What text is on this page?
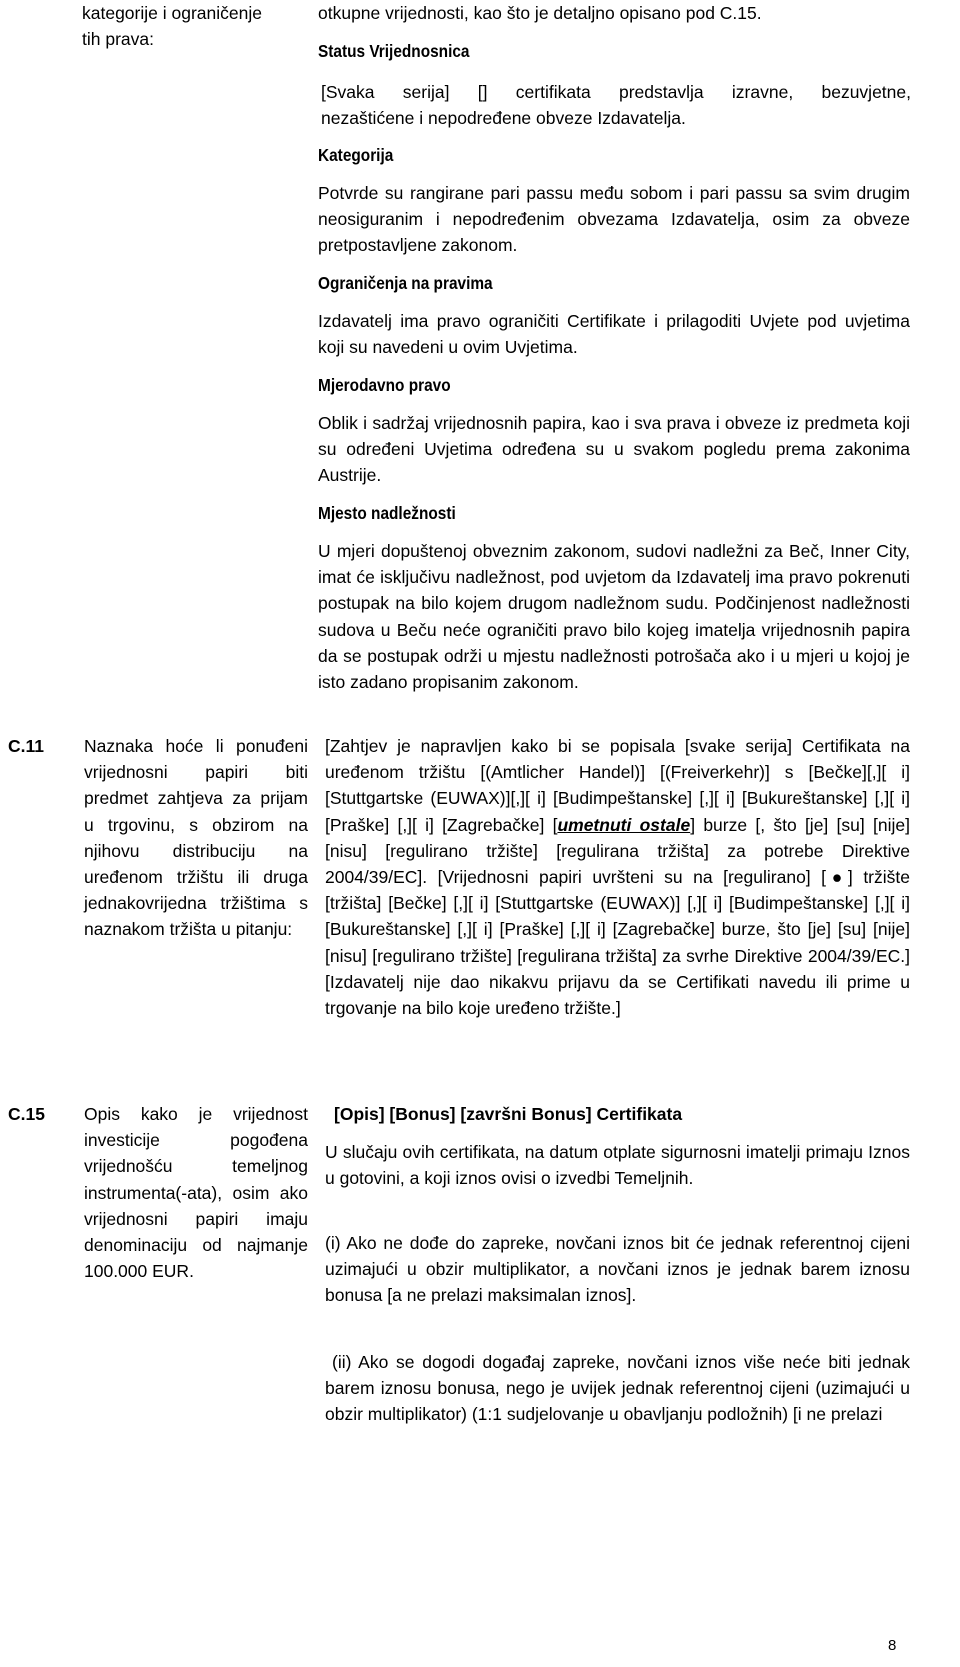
kategorije i ograničenje
tih prava:
otkupne vrijednosti, kao što je detaljno opisano pod C.15.
Status Vrijednosnica
[Svaka serija] [] certifikata predstavlja izravne, bezuvjetne,
nezaštićene i nepodređene obveze Izdavatelja.
Kategorija
Potvrde su rangirane pari passu među sobom i pari passu sa svim drugim neosiguranim i nepodređenim obvezama Izdavatelja, osim za obveze pretpostavljene zakonom.
Ograničenja na pravima
Izdavatelj ima pravo ograničiti Certifikate i prilagoditi Uvjete pod uvjetima koji su navedeni u ovim Uvjetima.
Mjerodavno pravo
Oblik i sadržaj vrijednosnih papira, kao i sva prava i obveze iz predmeta koji su određeni Uvjetima određena su u svakom pogledu prema zakonima Austrije.
Mjesto nadležnosti
U mjeri dopuštenoj obveznim zakonom, sudovi nadležni za Beč, Inner City, imat će isključivu nadležnost, pod uvjetom da Izdavatelj ima pravo pokrenuti postupak na bilo kojem drugom nadležnom sudu. Podčinjenost nadležnosti sudova u Beču neće ograničiti pravo bilo kojeg imatelja vrijednosnih papira da se postupak održi u mjestu nadležnosti potrošača ako i u mjeri u kojoj je isto zadano propisanim zakonom.
C.11 Naznaka hoće li ponuđeni vrijednosni papiri biti predmet zahtjeva za prijam u trgovinu, s obzirom na njihovu distribuciju na uređenom tržištu ili druga jednakovrijedna tržištima s naznakom tržišta u pitanju:
[Zahtjev je napravljen kako bi se popisala [svake serija] Certifikata na uređenom tržištu [(Amtlicher Handel)] [(Freiverkehr)] s [Bečke][,][ i] [Stuttgartske (EUWAX)][,][ i] [Budimpeštanske] [,][ i] [Bukureštanske] [,][ i] [Praške] [,][ i] [Zagrebačke] [umetnuti ostale] burze [, što [je] [su] [nije] [nisu] [regulirano tržište] [regulirana tržišta] za potrebe Direktive 2004/39/EC]. [Vrijednosni papiri uvršteni su na [regulirano] [●] tržište [tržišta] [Bečke] [,][ i] [Stuttgartske (EUWAX)] [,][ i] [Budimpeštanske] [,][ i] [Bukureštanske] [,][ i] [Praške] [,][ i] [Zagrebačke] burze, što [je] [su] [nije] [nisu] [regulirano tržište] [regulirana tržišta] za svrhe Direktive 2004/39/EC.] [Izdavatelj nije dao nikakvu prijavu da se Certifikati navedu ili prime u trgovanje na bilo koje uređeno tržište.]
C.15 Opis kako je vrijednost investicije pogođena vrijednošću temeljnog instrumenta(-ata), osim ako vrijednosni papiri imaju denominaciju od najmanje 100.000 EUR.
[Opis] [Bonus] [završni Bonus] Certifikata
U slučaju ovih certifikata, na datum otplate sigurnosni imatelji primaju Iznos u gotovini, a koji iznos ovisi o izvedbi Temeljnih.
(i) Ako ne dođe do zapreke, novčani iznos bit će jednak referentnoj cijeni uzimajući u obzir multiplikator, a novčani iznos je jednak barem iznosu bonusa [a ne prelazi maksimalan iznos].
(ii) Ako se dogodi događaj zapreke, novčani iznos više neće biti jednak barem iznosu bonusa, nego je uvijek jednak referentnoj cijeni (uzimajući u obzir multiplikator) (1:1 sudjelovanje u obavljanju podložnih) [i ne prelazi
8
